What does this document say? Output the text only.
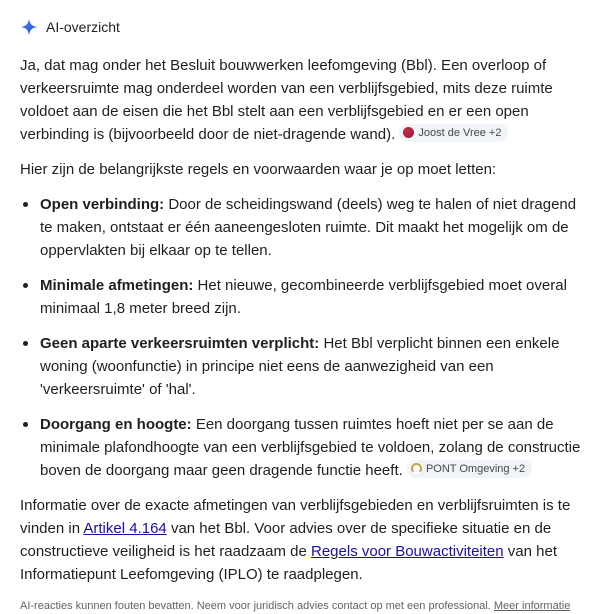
AI-overzicht

Ja, dat mag onder het Besluit bouwwerken leefomgeving (Bbl). Een overloop of verkeersruimte mag onderdeel worden van een verblijfsgebied, mits deze ruimte voldoet aan de eisen die het Bbl stelt aan een verblijfsgebied en er een open verbinding is (bijvoorbeeld door de niet-dragende wand). Joost de Vree +2

Hier zijn de belangrijkste regels en voorwaarden waar je op moet letten:

Open verbinding: Door de scheidingswand (deels) weg te halen of niet dragend te maken, ontstaat er één aaneengesloten ruimte. Dit maakt het mogelijk om de oppervlakten bij elkaar op te tellen.
Minimale afmetingen: Het nieuwe, gecombineerde verblijfsgebied moet overal minimaal 1,8 meter breed zijn.
Geen aparte verkeersruimten verplicht: Het Bbl verplicht binnen een enkele woning (woonfunctie) in principe niet eens de aanwezigheid van een 'verkeersruimte' of 'hal'.
Doorgang en hoogte: Een doorgang tussen ruimtes hoeft niet per se aan de minimale plafondhoogte van een verblijfsgebied te voldoen, zolang de constructie boven de doorgang maar geen dragende functie heeft. PONT Omgeving +2

Informatie over de exacte afmetingen van verblijfsgebieden en verblijfsruimten is te vinden in Artikel 4.164 van het Bbl. Voor advies over de specifieke situatie en de constructieve veiligheid is het raadzaam de Regels voor Bouwactiviteiten van het Informatiepunt Leefomgeving (IPLO) te raadplegen.

AI-reacties kunnen fouten bevatten. Neem voor juridisch advies contact op met een professional. Meer informatie
